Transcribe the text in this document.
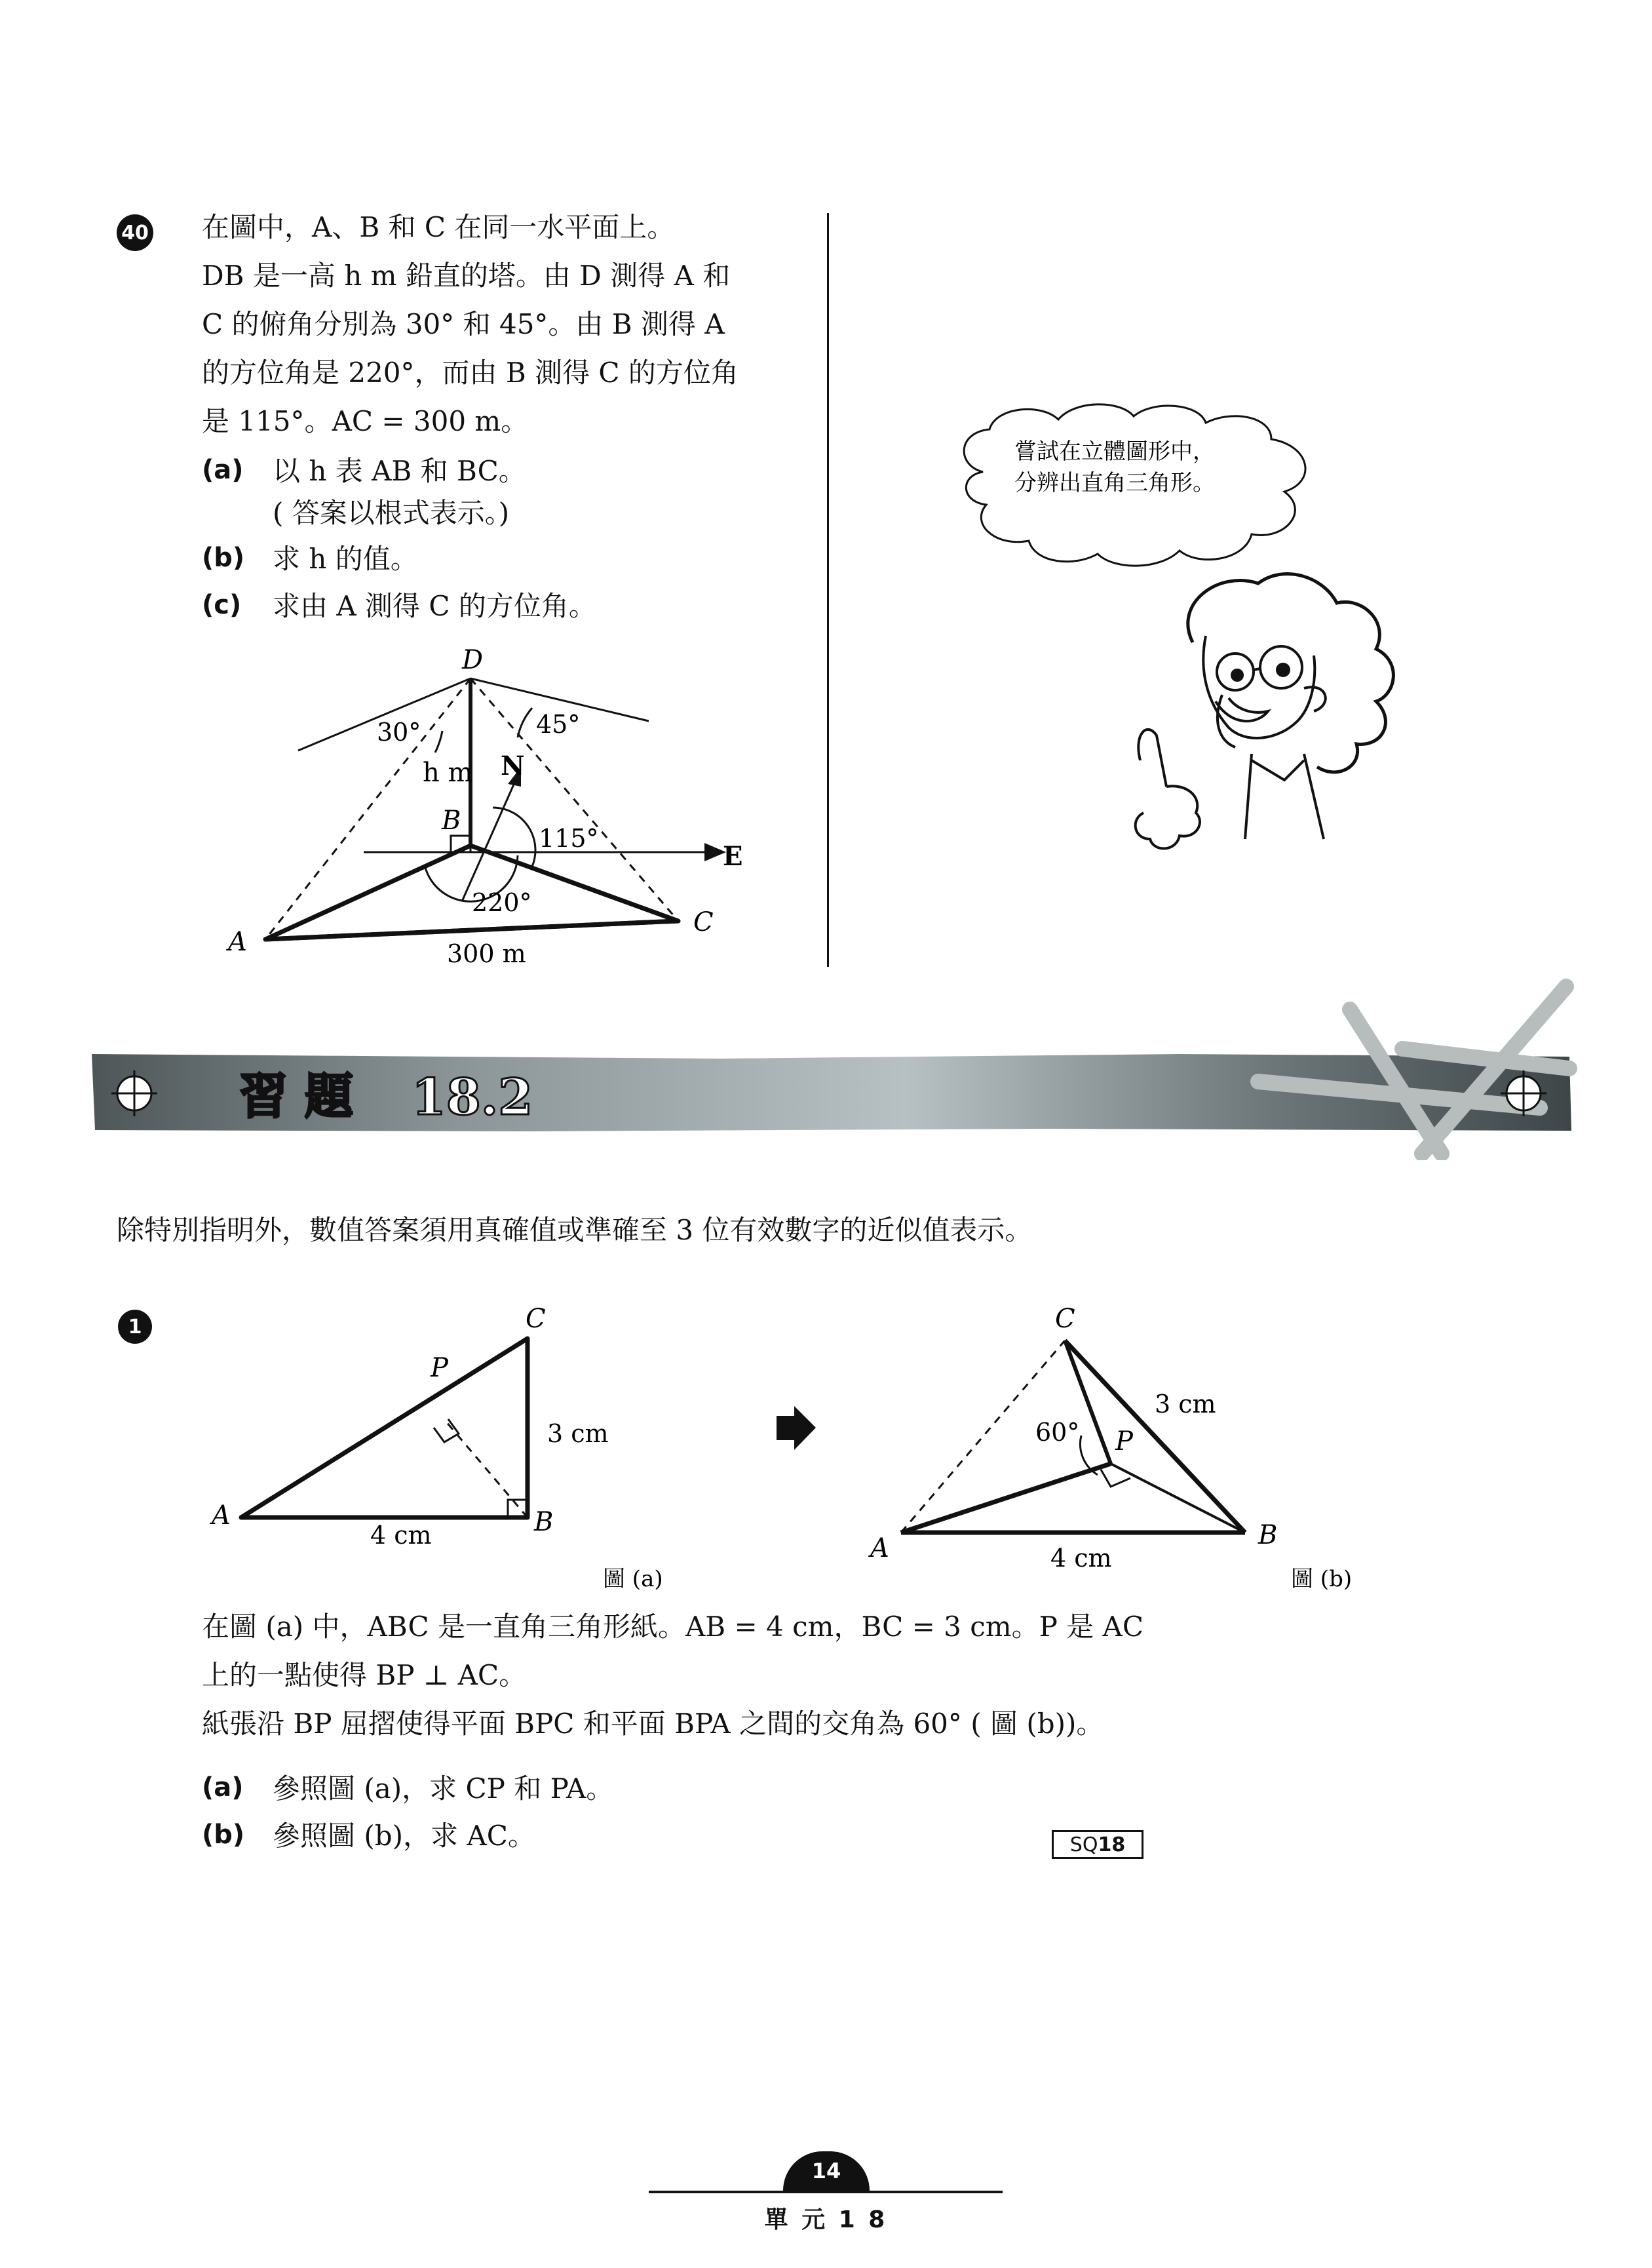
40 在圖中，A、B 和 C 在同一水平面上。
DB 是一高 h m 鉛直的塔。由 D 測得 A 和
C 的俯角分別為 30° 和 45°。由 B 測得 A
的方位角是 220°，而由 B 測得 C 的方位角
是 115°。AC = 300 m。
(a) 以 h 表 AB 和 BC。
( 答案以根式表示。)
(b) 求 h 的值。
(c) 求由 A 測得 C 的方位角。
D
30°	45°
h m N
B
115°
E
220°
A
C
300 m
嘗試在立體圖形中，
分辨出直角三角形。
習 題 18.2
除特別指明外，數值答案須用真確值或準確至 3 位有效數字的近似值表示。
1	C
P
3 cm
A	B
4 cm
圖 (a)
C
3 cm
60° P
A	B
4 cm
圖 (b)
在圖 (a) 中，ABC 是一直角三角形紙。AB = 4 cm，BC = 3 cm。P 是 AC
上的一點使得 BP ⊥ AC。
紙張沿 BP 屈摺使得平面 BPC 和平面 BPA 之間的交角為 60° ( 圖 (b))。
(a) 參照圖 (a)，求 CP 和 PA。
(b) 參照圖 (b)，求 AC。	SQ 18
14
單 元 1 8
